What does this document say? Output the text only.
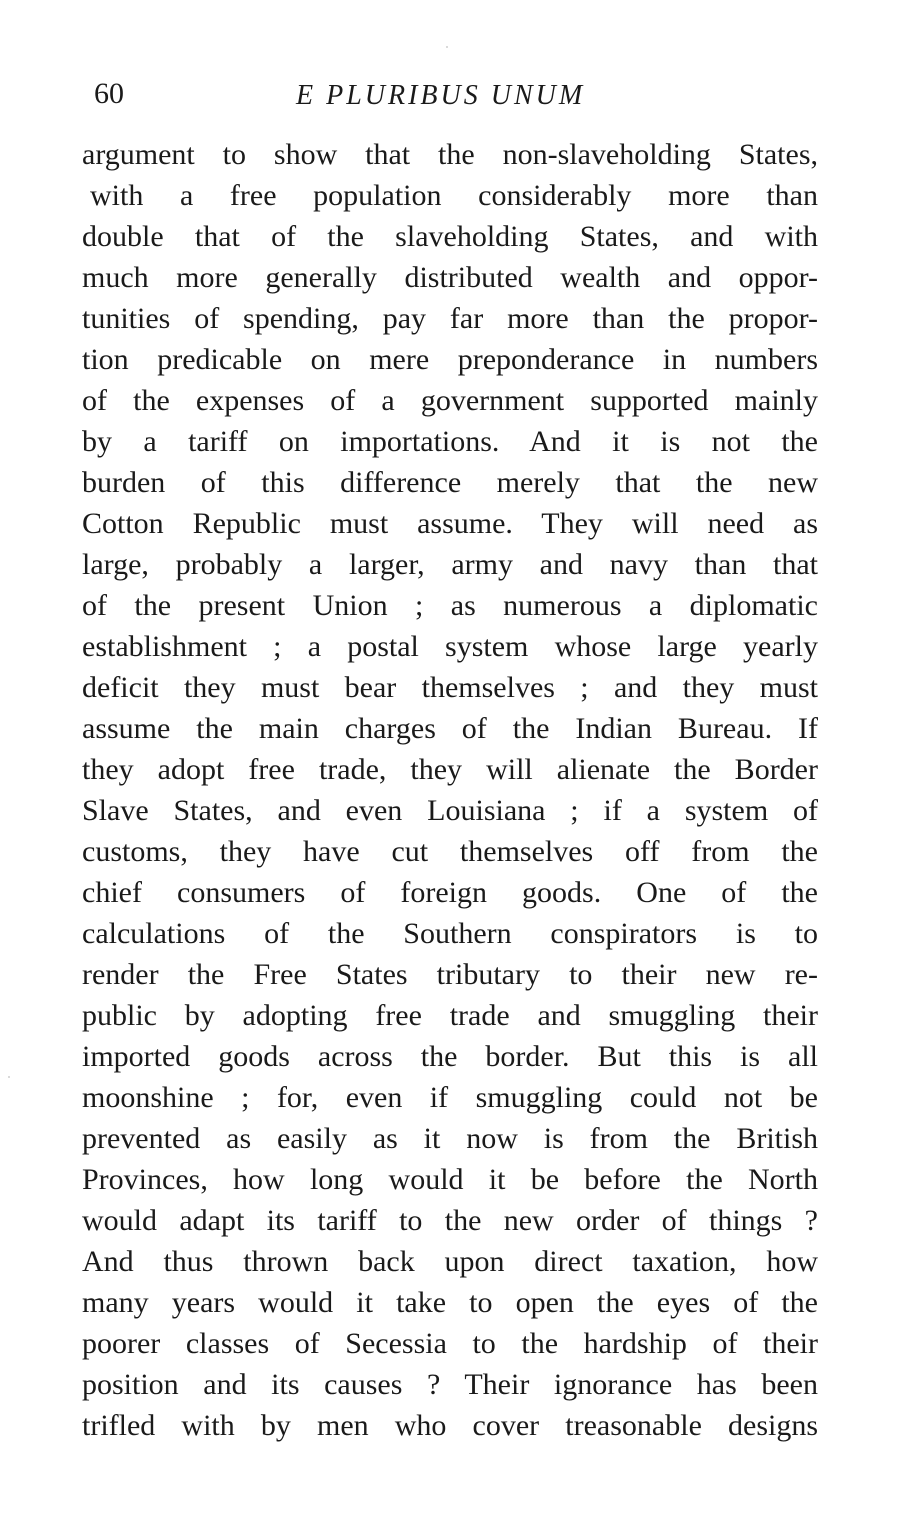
60	E PLURIBUS UNUM
argument to show that the non-slaveholding States,
with a free population considerably more than
double that of the slaveholding States, and with
much more generally distributed wealth and oppor-
tunities of spending, pay far more than the propor-
tion predicable on mere preponderance in numbers
of the expenses of a government supported mainly
by a tariff on importations. And it is not the
burden of this difference merely that the new
Cotton Republic must assume. They will need as
large, probably a larger, army and navy than that
of the present Union ; as numerous a diplomatic
establishment ; a postal system whose large yearly
deficit they must bear themselves ; and they must
assume the main charges of the Indian Bureau. If
they adopt free trade, they will alienate the Border
Slave States, and even Louisiana ; if a system of
customs, they have cut themselves off from the
chief consumers of foreign goods. One of the
calculations of the Southern conspirators is to
render the Free States tributary to their new re-
public by adopting free trade and smuggling their
imported goods across the border. But this is all
moonshine ; for, even if smuggling could not be
prevented as easily as it now is from the British
Provinces, how long would it be before the North
would adapt its tariff to the new order of things ?
And thus thrown back upon direct taxation, how
many years would it take to open the eyes of the
poorer classes of Secessia to the hardship of their
position and its causes ? Their ignorance has been
trifled with by men who cover treasonable designs
